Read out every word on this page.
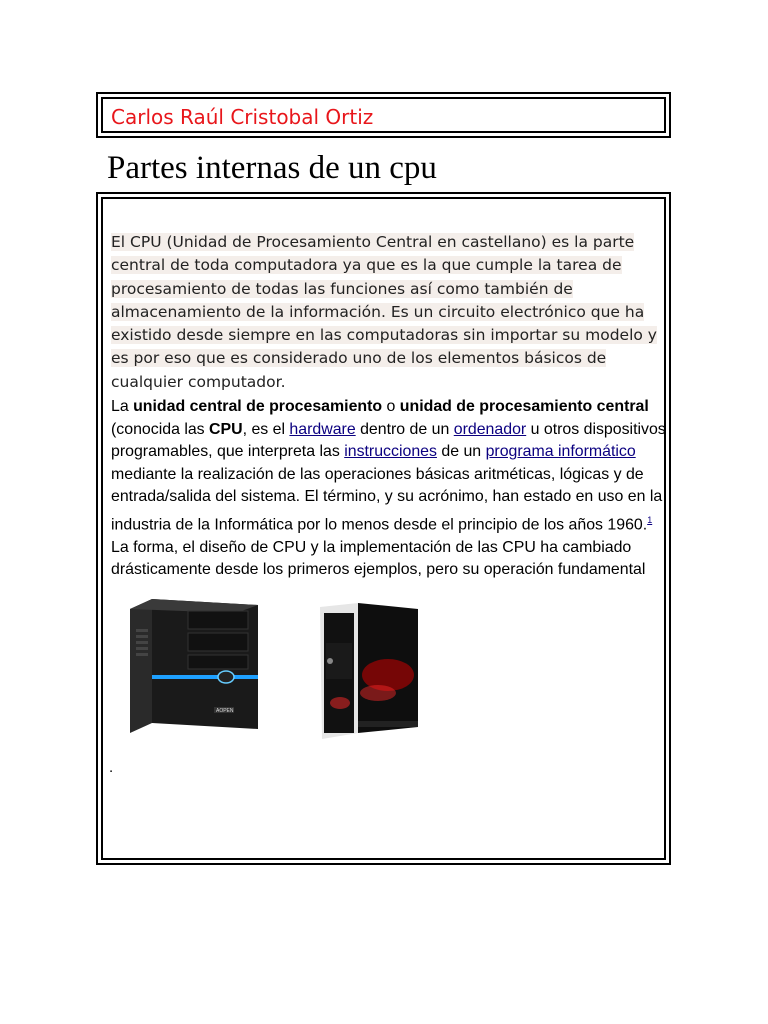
Carlos Raúl Cristobal Ortiz
Partes internas de un cpu
El CPU (Unidad de Procesamiento Central en castellano) es la parte
central de toda computadora ya que es la que cumple la tarea de
procesamiento de todas las funciones así como también de
almacenamiento de la información. Es un circuito electrónico que ha
existido desde siempre en las computadoras sin importar su modelo y
es por eso que es considerado uno de los elementos básicos de
cualquier computador.
La unidad central de procesamiento o unidad de procesamiento central (conocida las CPU, es el hardware dentro de un ordenador u otros dispositivos programables, que interpreta las instrucciones de un programa informático mediante la realización de las operaciones básicas aritméticas, lógicas y de entrada/salida del sistema. El término, y su acrónimo, han estado en uso en la industria de la Informática por lo menos desde el principio de los años 1960.$^1$ La forma, el diseño de CPU y la implementación de las CPU ha cambiado drásticamente desde los primeros ejemplos, pero su operación fundamental
AOPEN
.
